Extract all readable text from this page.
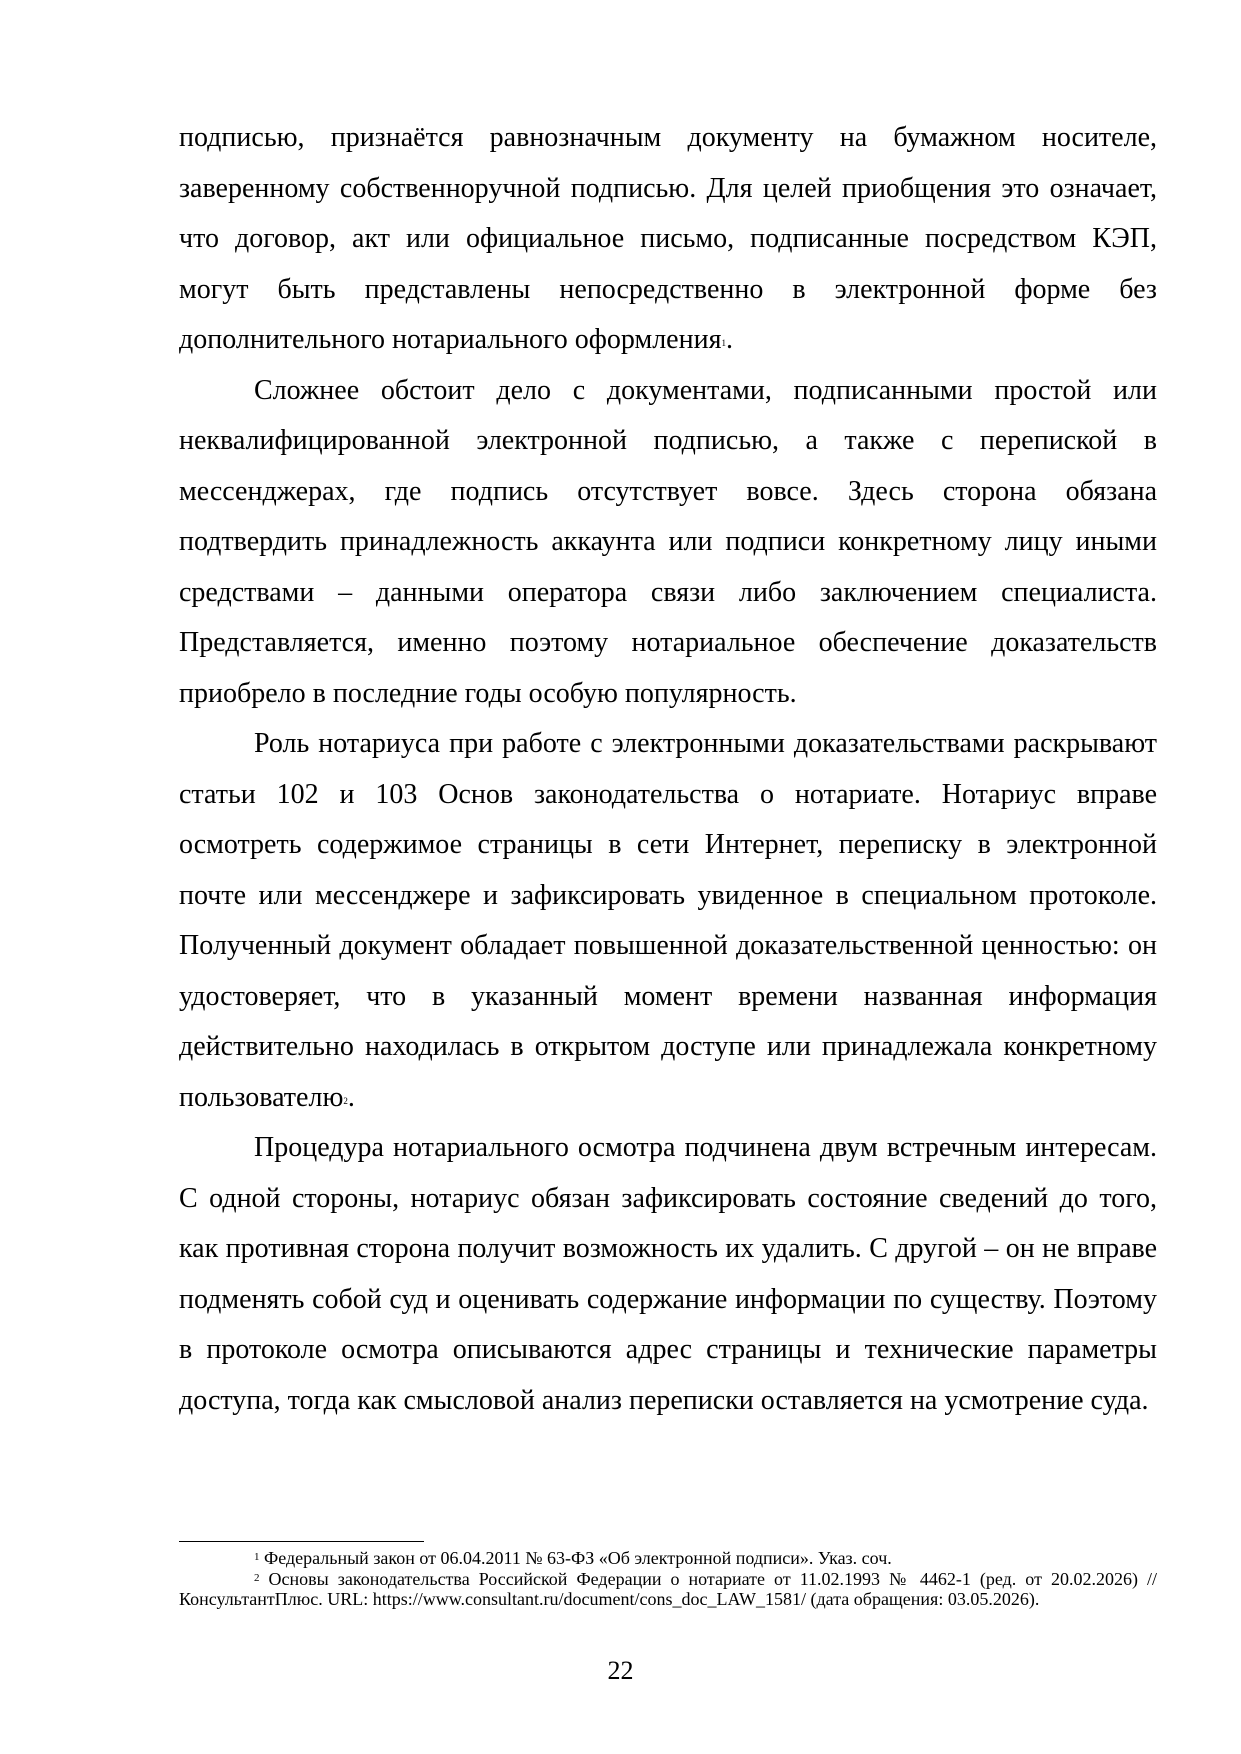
подписью, признаётся равнозначным документу на бумажном носителе, заверенному собственноручной подписью. Для целей приобщения это означает, что договор, акт или официальное письмо, подписанные посредством КЭП, могут быть представлены непосредственно в электронной форме без дополнительного нотариального оформления$^1$.

Сложнее обстоит дело с документами, подписанными простой или неквалифицированной электронной подписью, а также с перепиской в мессенджерах, где подпись отсутствует вовсе. Здесь сторона обязана подтвердить принадлежность аккаунта или подписи конкретному лицу иными средствами – данными оператора связи либо заключением специалиста. Представляется, именно поэтому нотариальное обеспечение доказательств приобрело в последние годы особую популярность.

Роль нотариуса при работе с электронными доказательствами раскрывают статьи 102 и 103 Основ законодательства о нотариате. Нотариус вправе осмотреть содержимое страницы в сети Интернет, переписку в электронной почте или мессенджере и зафиксировать увиденное в специальном протоколе. Полученный документ обладает повышенной доказательственной ценностью: он удостоверяет, что в указанный момент времени названная информация действительно находилась в открытом доступе или принадлежала конкретному пользователю$^2$.

Процедура нотариального осмотра подчинена двум встречным интересам. С одной стороны, нотариус обязан зафиксировать состояние сведений до того, как противная сторона получит возможность их удалить. С другой – он не вправе подменять собой суд и оценивать содержание информации по существу. Поэтому в протоколе осмотра описываются адрес страницы и технические параметры доступа, тогда как смысловой анализ переписки оставляется на усмотрение суда.

$^1$ Федеральный закон от 06.04.2011 № 63-ФЗ «Об электронной подписи». Указ. соч.

$^2$ Основы законодательства Российской Федерации о нотариате от 11.02.1993 № 4462-1 (ред. от 20.02.2026) // КонсультантПлюс. URL: https://www.consultant.ru/document/cons_doc_LAW_1581/ (дата обращения: 03.05.2026).

22
